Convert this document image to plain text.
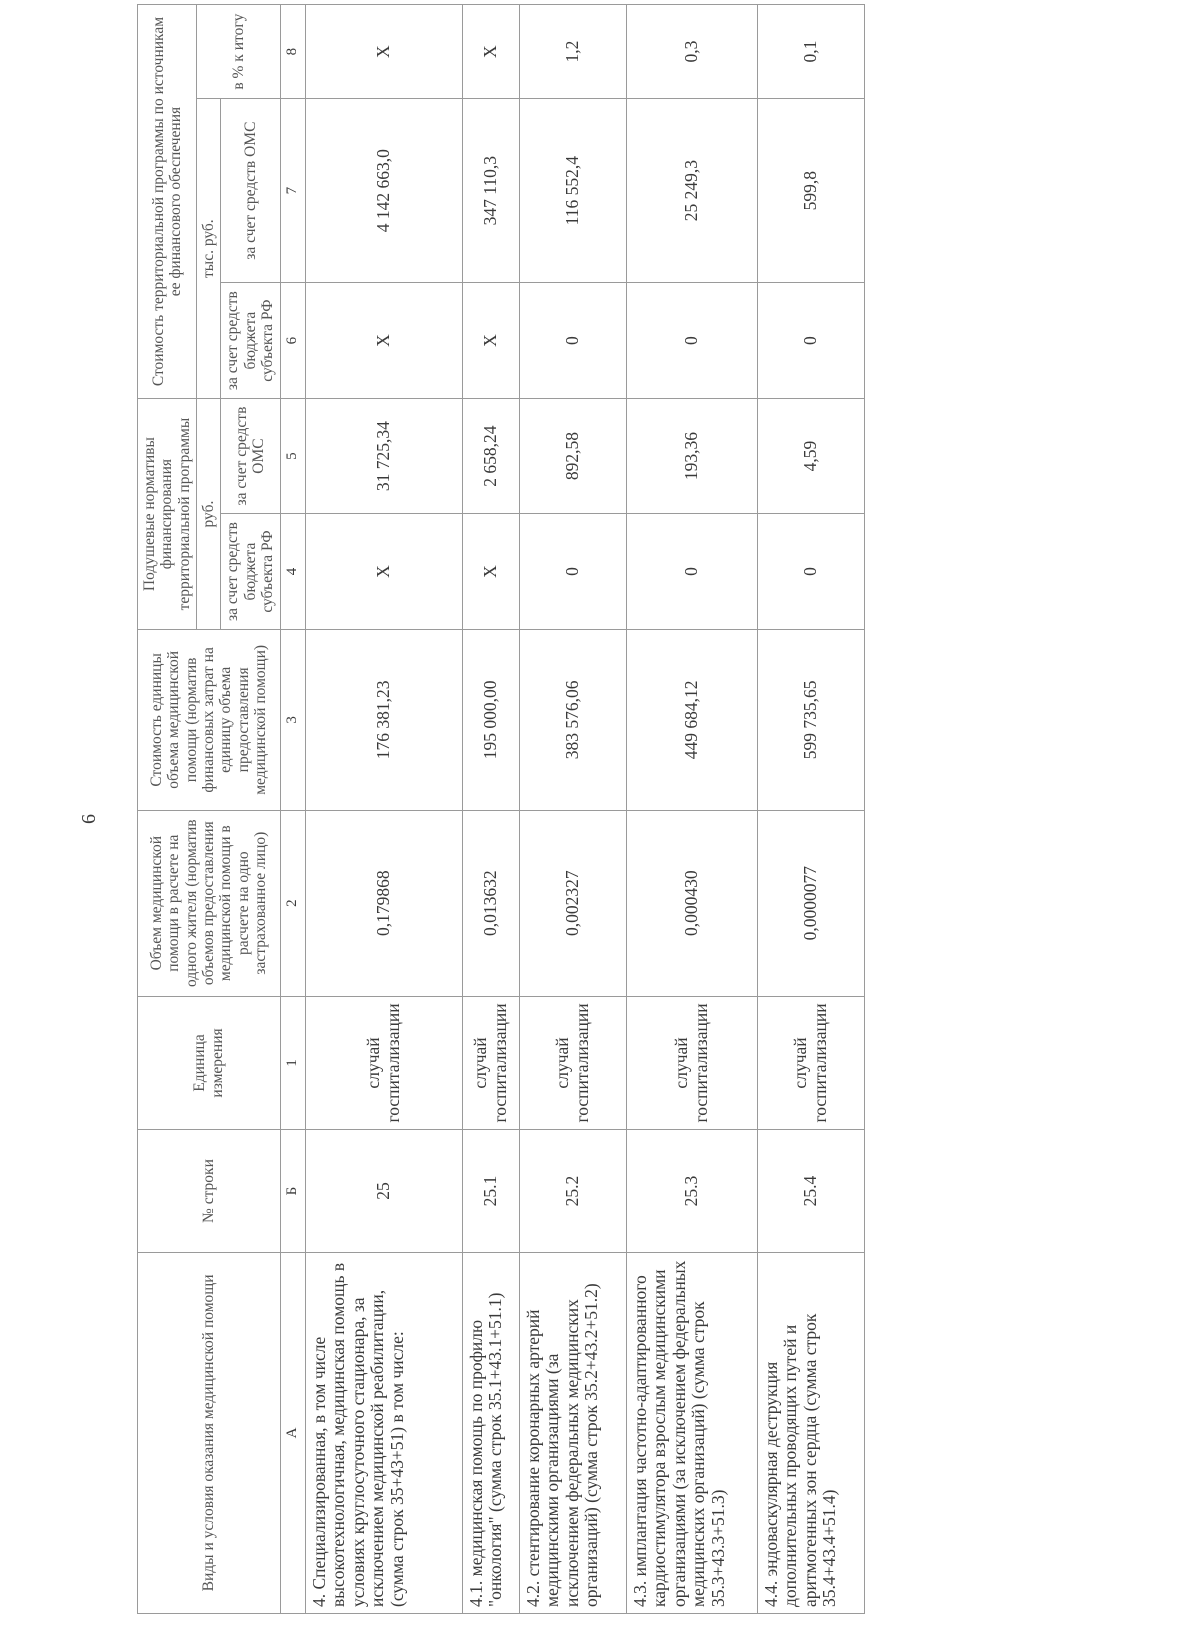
6
Виды и условия оказания медицинской помощи	№ строки	Единица измерения	Объем медицинской помощи в расчете на одного жителя (норматив объемов предоставления медицинской помощи в расчете на одно застрахованное лицо)	Стоимость единицы объема медицинской помощи (норматив финансовых затрат на единицу объема предоставления медицинской помощи)	Подушевые нормативы финансирования территориальной программы		Стоимость территориальной программы по источникам ее финансового обеспечения		
					руб.		тыс. руб.		в % к итогу
					за счет средств бюджета субъекта РФ	за счет средств ОМС	за счет средств бюджета субъекта РФ	за счет средств ОМС	
А	Б	1	2	3	4	5	6	7	8
4. Специализированная, в том числе высокотехнологичная, медицинская помощь в условиях круглосуточного стационара, за исключением медицинской реабилитации, (сумма строк 35+43+51) в том числе:	25	случай госпитализации	0,179868	176 381,23	X	31 725,34	X	4 142 663,0	X
4.1. медицинская помощь по профилю "онкология" (сумма строк 35.1+43.1+51.1)	25.1	случай госпитализации	0,013632	195 000,00	X	2 658,24	X	347 110,3	X
4.2. стентирование коронарных артерий медицинскими организациями (за исключением федеральных медицинских организаций) (сумма строк 35.2+43.2+51.2)	25.2	случай госпитализации	0,002327	383 576,06	0	892,58	0	116 552,4	1,2
4.3. имплантация частотно-адаптированного кардиостимулятора взрослым медицинскими организациями (за исключением федеральных медицинских организаций) (сумма строк 35.3+43.3+51.3)	25.3	случай госпитализации	0,000430	449 684,12	0	193,36	0	25 249,3	0,3
4.4. эндоваскулярная деструкция дополнительных проводящих путей и аритмогенных зон сердца (сумма строк 35.4+43.4+51.4)	25.4	случай госпитализации	0,0000077	599 735,65	0	4,59	0	599,8	0,1
